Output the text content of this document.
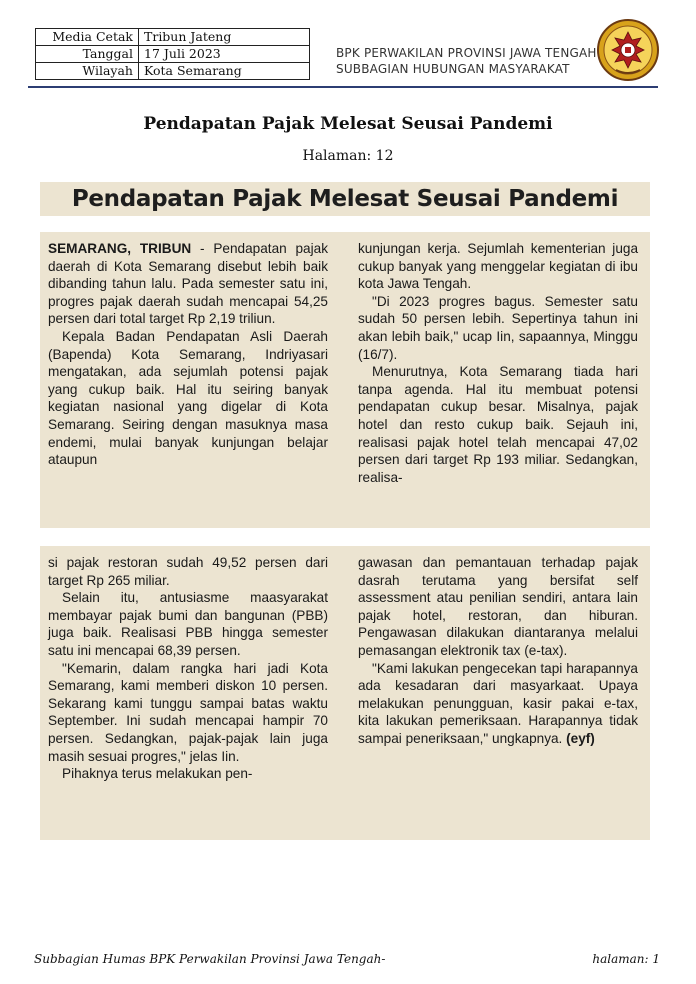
Media Cetak	Tribun Jateng
Tanggal	17 Juli 2023
Wilayah	Kota Semarang
BPK PERWAKILAN PROVINSI JAWA TENGAH
SUBBAGIAN HUBUNGAN MASYARAKAT
Pendapatan Pajak Melesat Seusai Pandemi
Halaman: 12
Pendapatan Pajak Melesat Seusai Pandemi

SEMARANG, TRIBUN - Pendapatan pajak daerah di Kota Semarang disebut lebih baik dibanding tahun lalu. Pada semester satu ini, progres pajak daerah sudah mencapai 54,25 persen dari total target Rp 2,19 triliun.

Kepala Badan Pendapatan Asli Daerah (Bapenda) Kota Semarang, Indriyasari mengatakan, ada sejumlah potensi pajak yang cukup baik. Hal itu seiring banyak kegiatan nasional yang digelar di Kota Semarang. Seiring dengan masuknya masa endemi, mulai banyak kunjungan belajar ataupun

kunjungan kerja. Sejumlah kementerian juga cukup banyak yang menggelar kegiatan di ibu kota Jawa Tengah.

"Di 2023 progres bagus. Semester satu sudah 50 persen lebih. Sepertinya tahun ini akan lebih baik," ucap Iin, sapaannya, Minggu (16/7).

Menurutnya, Kota Semarang tiada hari tanpa agenda. Hal itu membuat potensi pendapatan cukup besar. Misalnya, pajak hotel dan resto cukup baik. Sejauh ini, realisasi pajak hotel telah mencapai 47,02 persen dari target Rp 193 miliar. Sedangkan, realisa-

si pajak restoran sudah 49,52 persen dari target Rp 265 miliar.

Selain itu, antusiasme maasyarakat membayar pajak bumi dan bangunan (PBB) juga baik. Realisasi PBB hingga semester satu ini mencapai 68,39 persen.

"Kemarin, dalam rangka hari jadi Kota Semarang, kami memberi diskon 10 persen. Sekarang kami tunggu sampai batas waktu September. Ini sudah mencapai hampir 70 persen. Sedangkan, pajak-pajak lain juga masih sesuai progres," jelas Iin.

Pihaknya terus melakukan pen-

gawasan dan pemantauan terhadap pajak dasrah terutama yang bersifat self assessment atau penilian sendiri, antara lain pajak hotel, restoran, dan hiburan. Pengawasan dilakukan diantaranya melalui pemasangan elektronik tax (e-tax).

"Kami lakukan pengecekan tapi harapannya ada kesadaran dari masyarkaat. Upaya melakukan penungguan, kasir pakai e-tax, kita lakukan pemeriksaan. Harapannya tidak sampai peneriksaan," ungkapnya. (eyf)

Subbagian Humas BPK Perwakilan Provinsi Jawa Tengah-	halaman: 1
